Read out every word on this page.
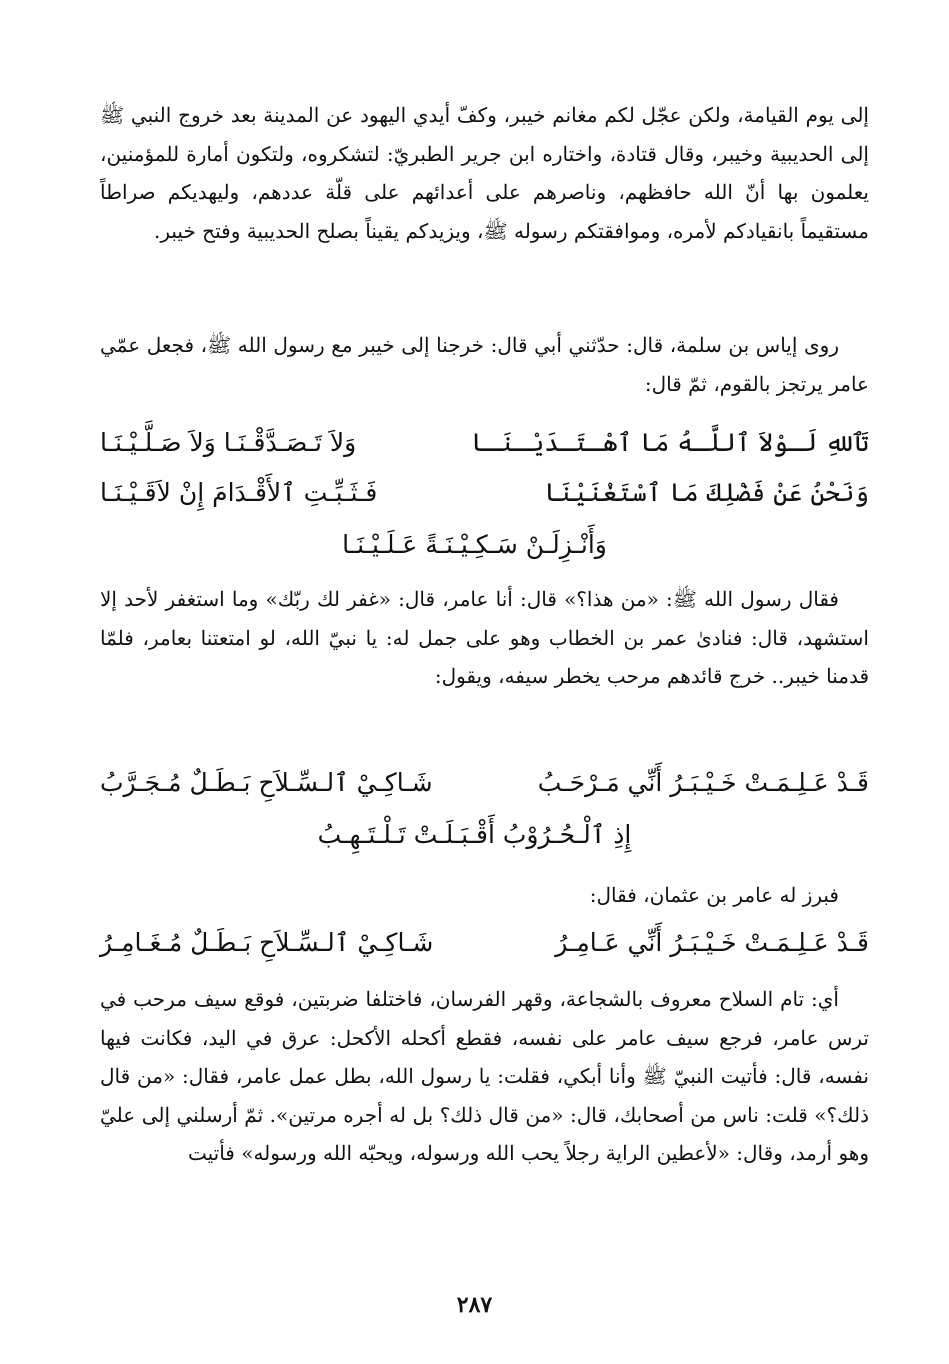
إلى يوم القيامة، ولكن عجّل لكم مغانم خيبر، وكفّ أيدي اليهود عن المدينة بعد خروج النبي ﷺ إلى الحديبية وخيبر، وقال قتادة، واختاره ابن جرير الطبريّ: لتشكروه، ولتكون أمارة للمؤمنين، يعلمون بها أنّ الله حافظهم، وناصرهم على أعدائهم على قلّة عددهم، وليهديكم صراطاً مستقيماً بانقيادكم لأمره، وموافقتكم رسوله ﷺ، ويزيدكم يقيناً بصلح الحديبية وفتح خيبر.
روى إياس بن سلمة، قال: حدّثني أبي قال: خرجنا إلى خيبر مع رسول الله ﷺ، فجعل عمّي عامر يرتجز بالقوم، ثمّ قال:
تَٱللهِ لَـوْلاَ ٱللَّـهُ مَا ٱهْـتَـدَيْـنَـا
وَلاَ تَـصَـدَّقْـنَـا وَلاَ صَـلَّـيْـنَـا
وَنَحْنُ عَنْ فَضْلِكَ مَا ٱسْتَغْنَيْنَا
فَـثَـبِّـتِ ٱلأَقْـدَامَ إِنْ لاَقَـيْـنَـا
وَأَنْـزِلَـنْ سَـكِـيْـنَـةً عَـلَـيْـنَـا
فقال رسول الله ﷺ: «من هذا؟» قال: أنا عامر، قال: «غفر لك ربّك» وما استغفر لأحد إلا استشهد، قال: فنادىٰ عمر بن الخطاب وهو على جمل له: يا نبيّ الله، لو امتعتنا بعامر، فلمّا قدمنا خيبر.. خرج قائدهم مرحب يخطر سيفه، ويقول:
قَـدْ عَـلِـمَـتْ خَـيْـبَـرُ أَنِّي مَـرْحَـبُ
شَـاكِـيْ ٱلـسِّـلاَحِ بَـطَـلٌ مُـجَـرَّبُ
إِذِ ٱلْـحُـرُوْبُ أَقْـبَـلَـتْ تَـلْـتَـهِـبُ
فبرز له عامر بن عثمان، فقال:
قَـدْ عَـلِـمَـتْ خَـيْـبَـرُ أَنِّي عَـامِـرُ
شَـاكِـيْ ٱلـسِّـلاَحِ بَـطَـلٌ مُـغَـامِـرُ
أي: تام السلاح معروف بالشجاعة، وقهر الفرسان، فاختلفا ضربتين، فوقع سيف مرحب في ترس عامر، فرجع سيف عامر على نفسه، فقطع أكحله الأكحل: عرق في اليد، فكانت فيها نفسه، قال: فأتيت النبيّ ﷺ وأنا أبكي، فقلت: يا رسول الله، بطل عمل عامر، فقال: «من قال ذلك؟» قلت: ناس من أصحابك، قال: «من قال ذلك؟ بل له أجره مرتين». ثمّ أرسلني إلى عليّ وهو أرمد، وقال: «لأعطين الراية رجلاً يحب الله ورسوله، ويحبّه الله ورسوله» فأتيت
٢٨٧
